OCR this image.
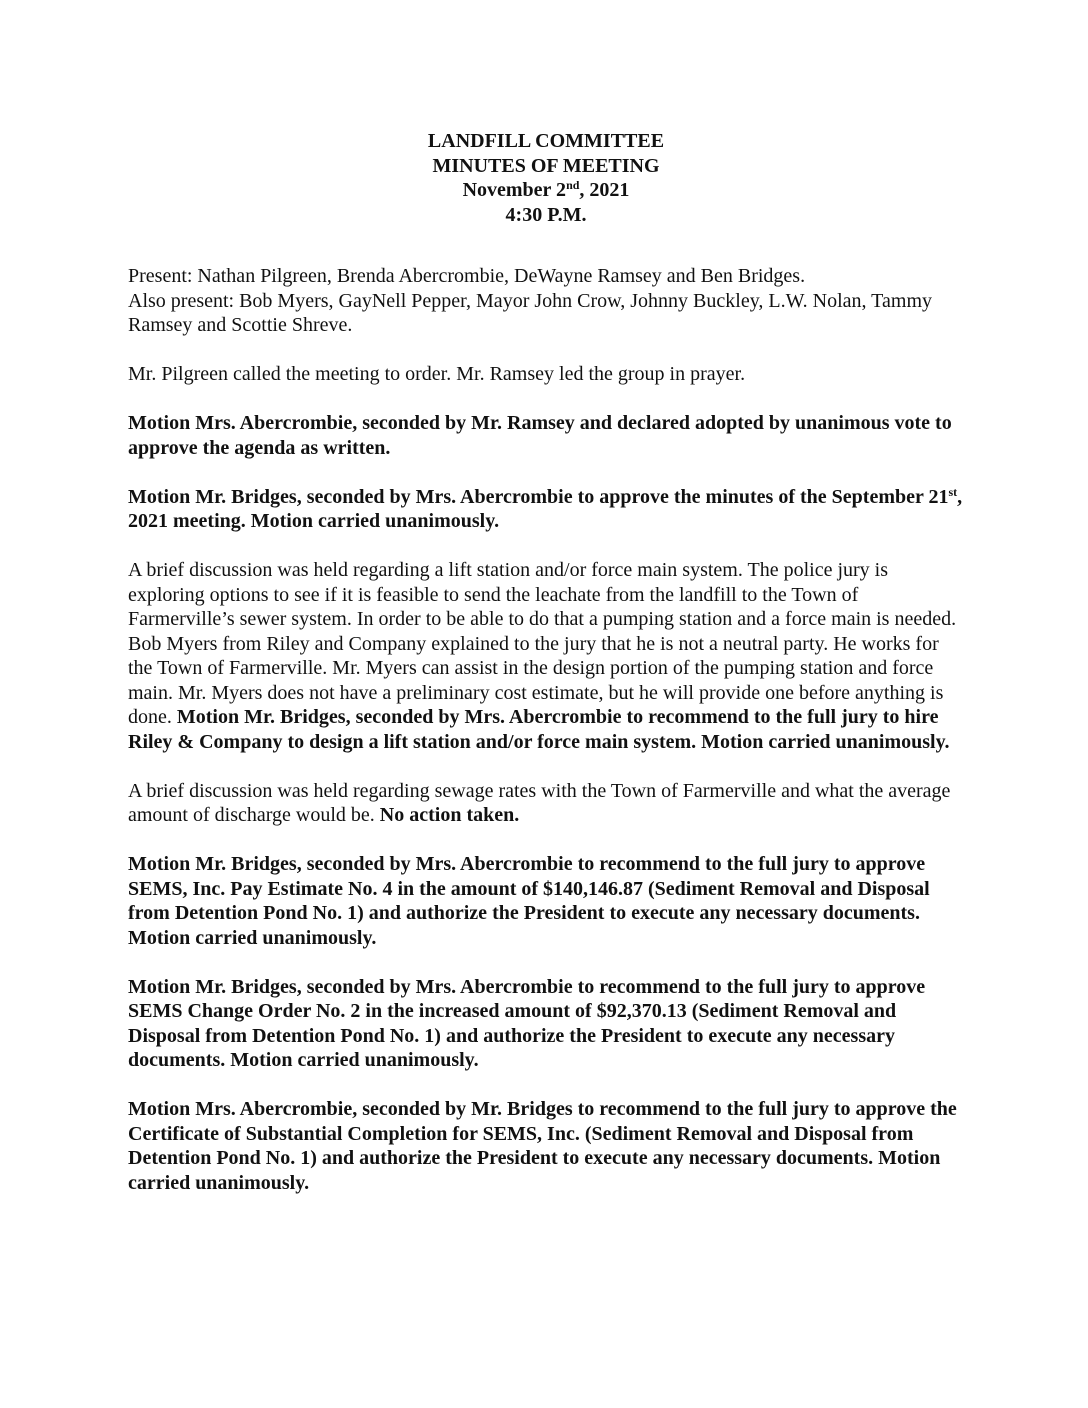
LANDFILL COMMITTEE
MINUTES OF MEETING
November 2nd, 2021
4:30 P.M.

Present: Nathan Pilgreen, Brenda Abercrombie, DeWayne Ramsey and Ben Bridges.
Also present: Bob Myers, GayNell Pepper, Mayor John Crow, Johnny Buckley, L.W. Nolan, Tammy Ramsey and Scottie Shreve.

Mr. Pilgreen called the meeting to order. Mr. Ramsey led the group in prayer.

Motion Mrs. Abercrombie, seconded by Mr. Ramsey and declared adopted by unanimous vote to approve the agenda as written.

Motion Mr. Bridges, seconded by Mrs. Abercrombie to approve the minutes of the September 21st, 2021 meeting. Motion carried unanimously.

A brief discussion was held regarding a lift station and/or force main system. The police jury is exploring options to see if it is feasible to send the leachate from the landfill to the Town of Farmerville’s sewer system. In order to be able to do that a pumping station and a force main is needed. Bob Myers from Riley and Company explained to the jury that he is not a neutral party. He works for the Town of Farmerville. Mr. Myers can assist in the design portion of the pumping station and force main. Mr. Myers does not have a preliminary cost estimate, but he will provide one before anything is done. Motion Mr. Bridges, seconded by Mrs. Abercrombie to recommend to the full jury to hire Riley & Company to design a lift station and/or force main system. Motion carried unanimously.

A brief discussion was held regarding sewage rates with the Town of Farmerville and what the average amount of discharge would be. No action taken.

Motion Mr. Bridges, seconded by Mrs. Abercrombie to recommend to the full jury to approve SEMS, Inc. Pay Estimate No. 4 in the amount of $140,146.87 (Sediment Removal and Disposal from Detention Pond No. 1) and authorize the President to execute any necessary documents. Motion carried unanimously.

Motion Mr. Bridges, seconded by Mrs. Abercrombie to recommend to the full jury to approve SEMS Change Order No. 2 in the increased amount of $92,370.13 (Sediment Removal and Disposal from Detention Pond No. 1) and authorize the President to execute any necessary documents. Motion carried unanimously.

Motion Mrs. Abercrombie, seconded by Mr. Bridges to recommend to the full jury to approve the Certificate of Substantial Completion for SEMS, Inc. (Sediment Removal and Disposal from Detention Pond No. 1) and authorize the President to execute any necessary documents. Motion carried unanimously.
